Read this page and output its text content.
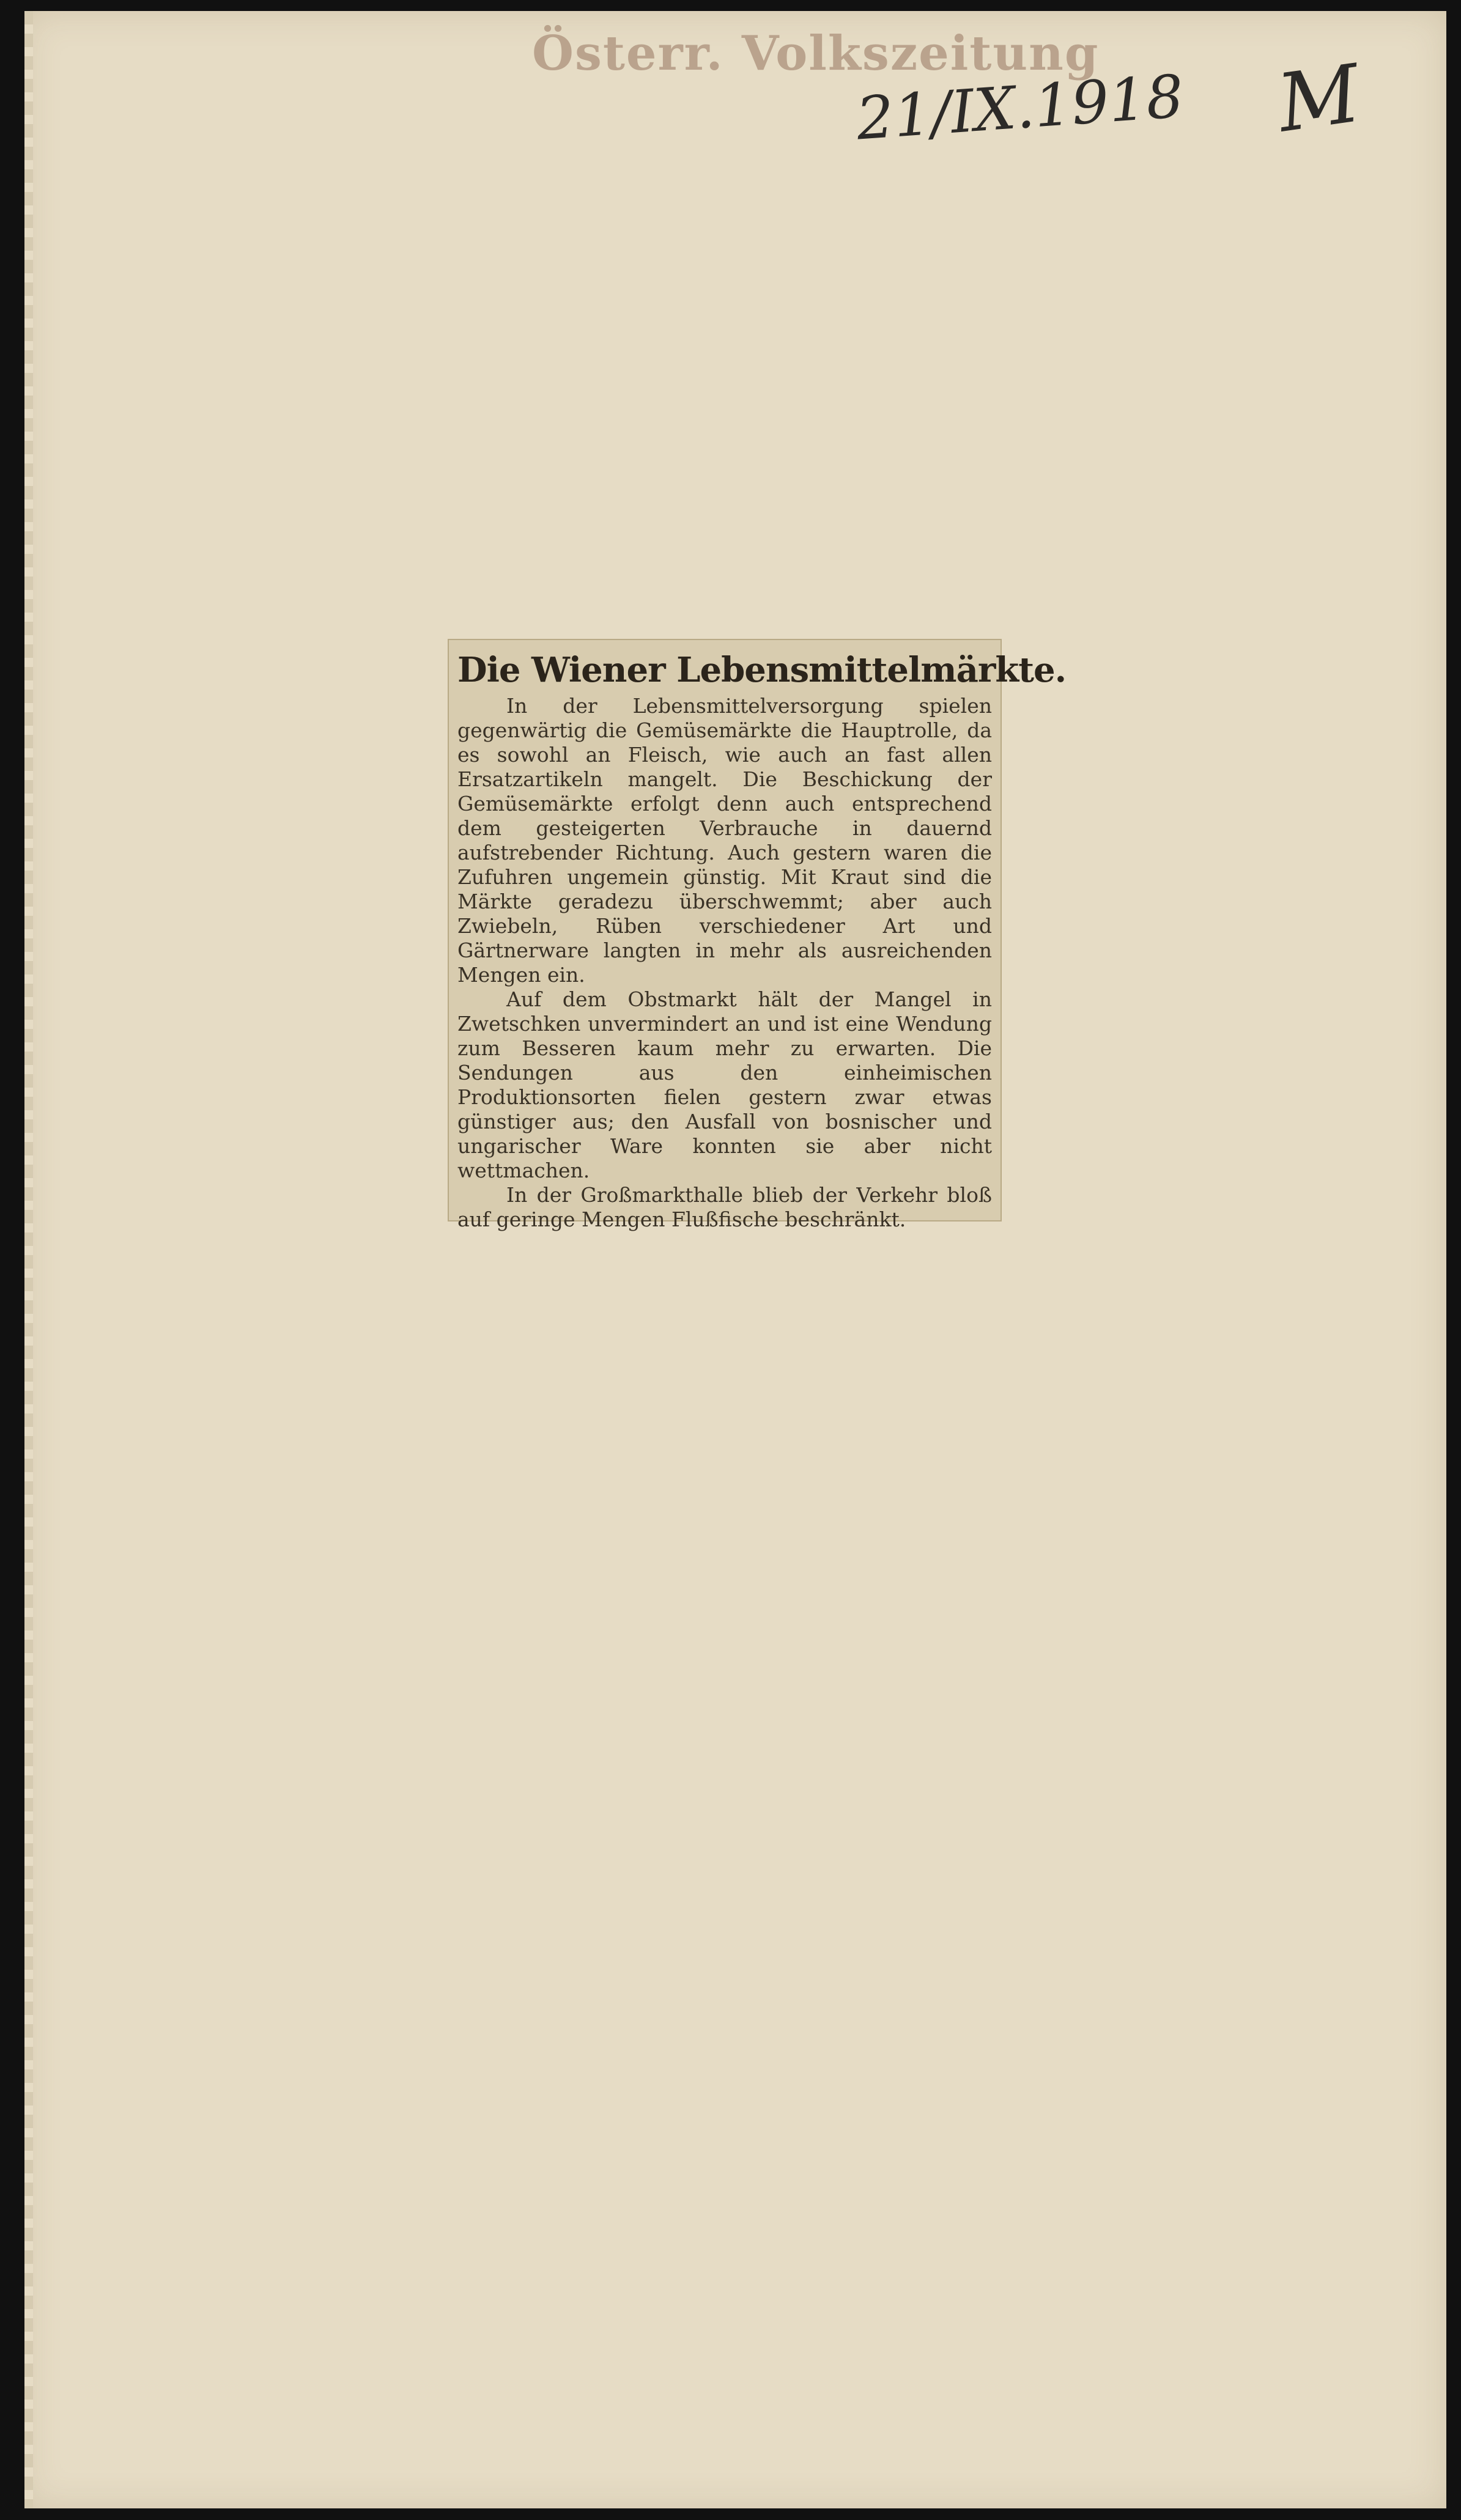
Österr. Volkszeitung
21/IX.1918 M
Die Wiener Lebensmittelmärkte.

In der Lebensmittelversorgung spielen gegenwärtig die Gemüsemärkte die Hauptrolle, da es sowohl an Fleisch, wie auch an fast allen Ersatzartikeln mangelt. Die Beschickung der Gemüsemärkte erfolgt denn auch entsprechend dem gesteigerten Verbrauche in dauernd aufstrebender Richtung. Auch gestern waren die Zufuhren ungemein günstig. Mit Kraut sind die Märkte geradezu überschwemmt; aber auch Zwiebeln, Rüben verschiedener Art und Gärtnerware langten in mehr als ausreichenden Mengen ein.

Auf dem Obstmarkt hält der Mangel in Zwetschken unvermindert an und ist eine Wendung zum Besseren kaum mehr zu erwarten. Die Sendungen aus den einheimischen Produktionsorten fielen gestern zwar etwas günstiger aus; den Ausfall von bosnischer und ungarischer Ware konnten sie aber nicht wettmachen.

In der Großmarkthalle blieb der Verkehr bloß auf geringe Mengen Flußfische beschränkt.
